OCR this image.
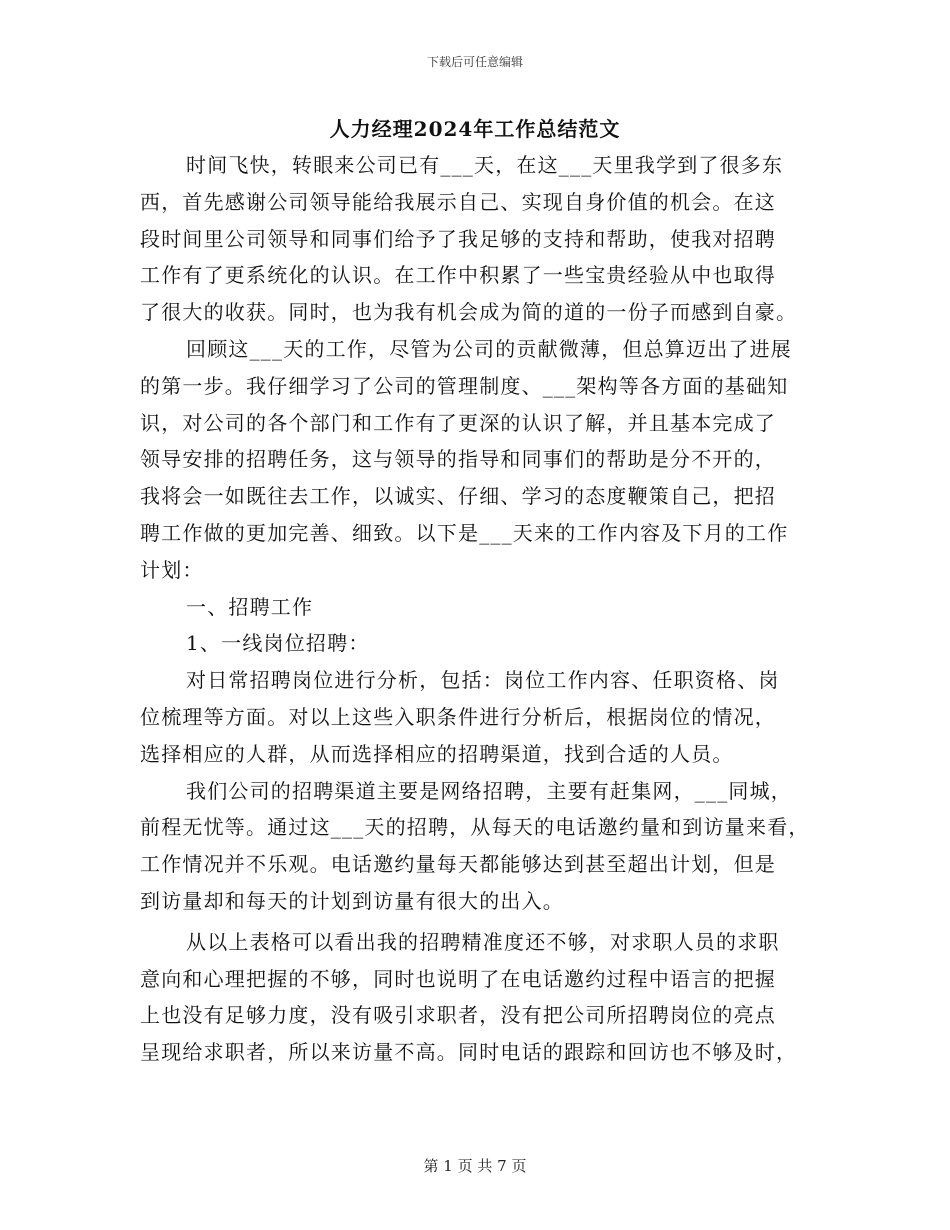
下载后可任意编辑
人力经理2024年工作总结范文
时间飞快，转眼来公司已有___天，在这___天里我学到了很多东
西，首先感谢公司领导能给我展示自己、实现自身价值的机会。在这
段时间里公司领导和同事们给予了我足够的支持和帮助，使我对招聘
工作有了更系统化的认识。在工作中积累了一些宝贵经验从中也取得
了很大的收获。同时，也为我有机会成为简的道的一份子而感到自豪。
回顾这___天的工作，尽管为公司的贡献微薄，但总算迈出了进展
的第一步。我仔细学习了公司的管理制度、___架构等各方面的基础知
识，对公司的各个部门和工作有了更深的认识了解，并且基本完成了
领导安排的招聘任务，这与领导的指导和同事们的帮助是分不开的，
我将会一如既往去工作，以诚实、仔细、学习的态度鞭策自己，把招
聘工作做的更加完善、细致。以下是___天来的工作内容及下月的工作
计划：
一、招聘工作
1、一线岗位招聘：
对日常招聘岗位进行分析，包括：岗位工作内容、任职资格、岗
位梳理等方面。对以上这些入职条件进行分析后，根据岗位的情况，
选择相应的人群，从而选择相应的招聘渠道，找到合适的人员。
我们公司的招聘渠道主要是网络招聘，主要有赶集网，___同城，
前程无忧等。通过这___天的招聘，从每天的电话邀约量和到访量来看，
工作情况并不乐观。电话邀约量每天都能够达到甚至超出计划，但是
到访量却和每天的计划到访量有很大的出入。
从以上表格可以看出我的招聘精准度还不够，对求职人员的求职
意向和心理把握的不够，同时也说明了在电话邀约过程中语言的把握
上也没有足够力度，没有吸引求职者，没有把公司所招聘岗位的亮点
呈现给求职者，所以来访量不高。同时电话的跟踪和回访也不够及时，
第 1 页 共 7 页
